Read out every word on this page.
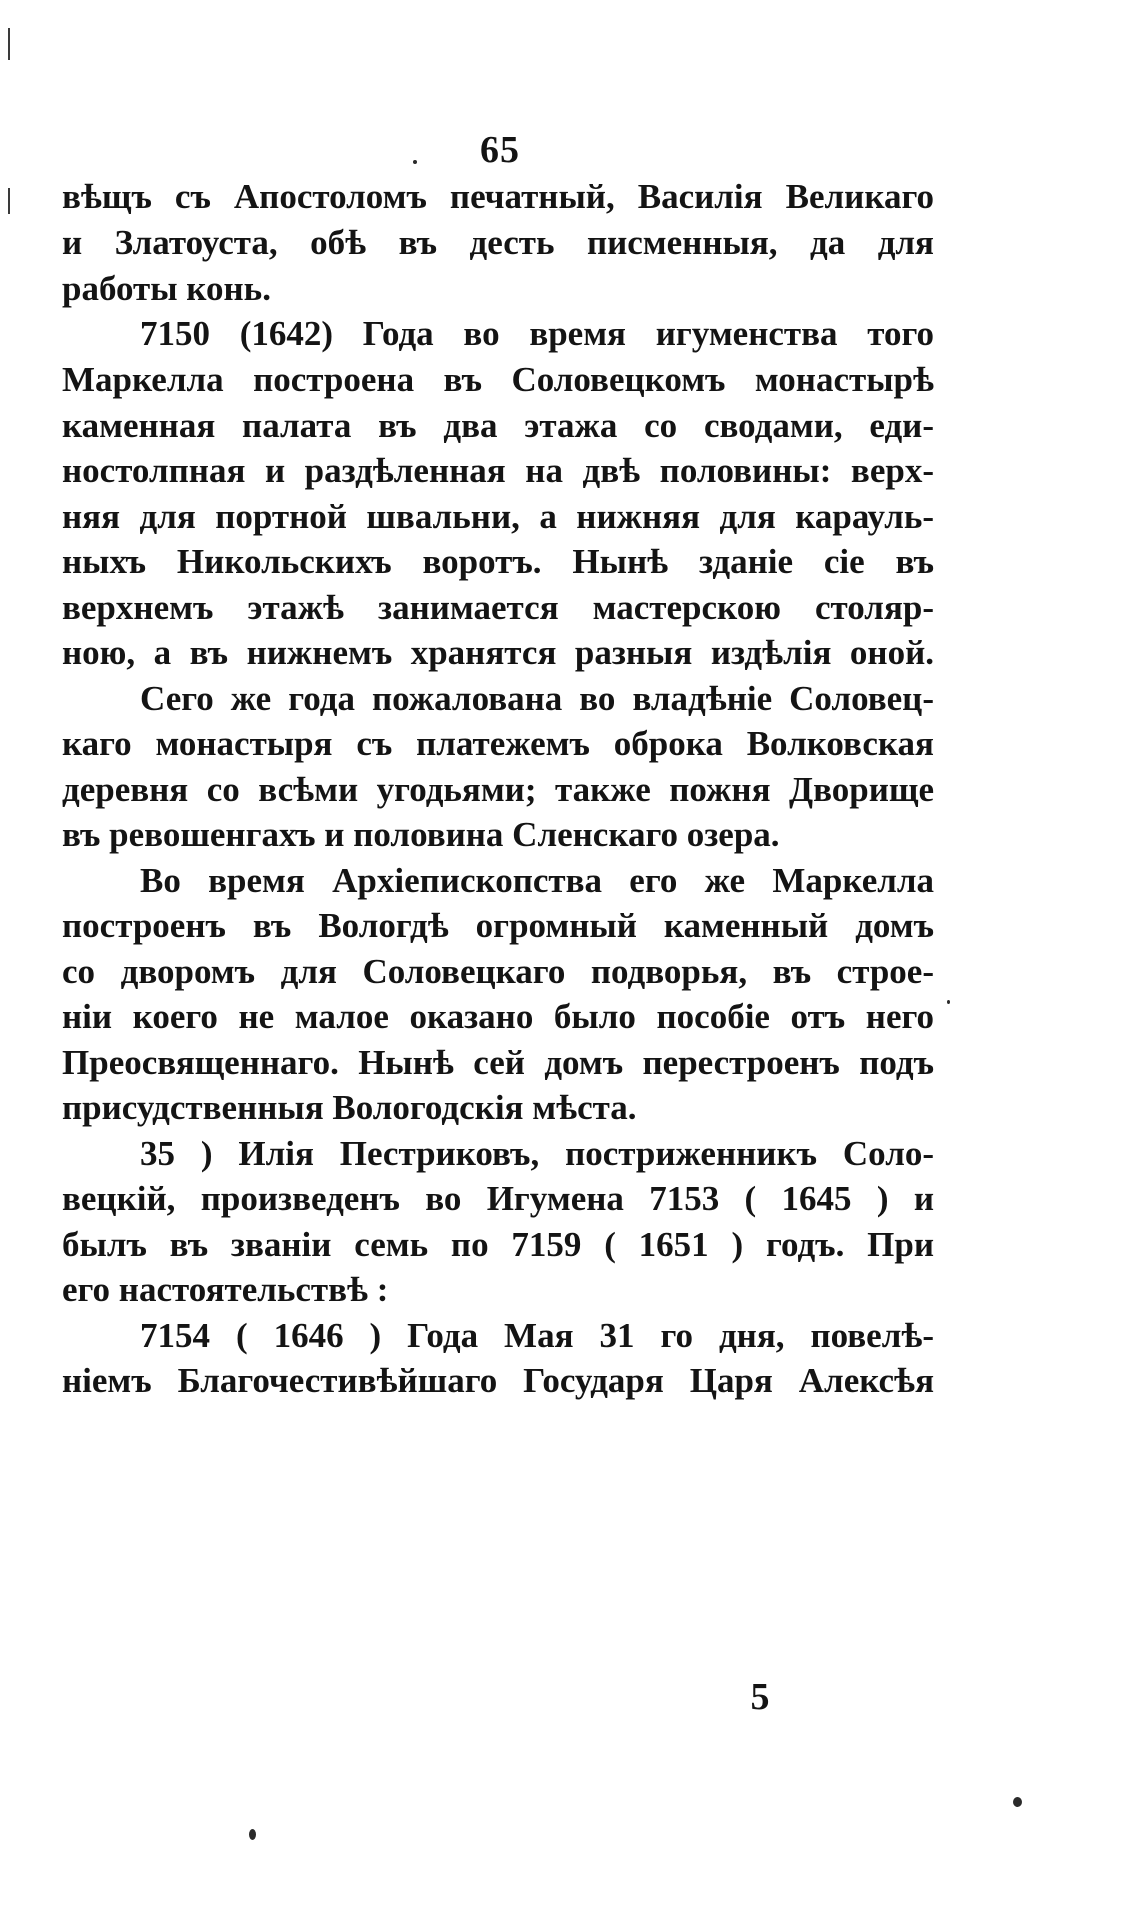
65
вѣщъ съ Апостоломъ печатный, Василія Великаго
и Златоуста, обѣ въ десть писменныя, да для
работы конь.
7150 (1642) Года во время игуменства того
Маркелла построена въ Соловецкомъ монастырѣ
каменная палата въ два этажа со сводами, еди-
ностолпная и раздѣленная на двѣ половины: верх-
няя для портной швальни, а нижняя для карауль-
ныхъ Никольскихъ воротъ. Нынѣ зданіе сіе въ
верхнемъ этажѣ занимается мастерскою столяр-
ною, а въ нижнемъ хранятся разныя издѣлія оной.
Сего же года пожалована во владѣніе Соловец-
каго монастыря съ платежемъ оброка Волковская
деревня со всѣми угодьями; также пожня Дворище
въ ревошенгахъ и половина Сленскаго озера.
Во время Архіепископства его же Маркелла
построенъ въ Вологдѣ огромный каменный домъ
со дворомъ для Соловецкаго подворья, въ строе-
ніи коего не малое оказано было пособіе отъ него
Преосвященнаго. Нынѣ сей домъ перестроенъ подъ
присудственныя Вологодскія мѣста.
35 ) Илія Пестриковъ, постриженникъ Соло-
вецкій, произведенъ во Игумена 7153 ( 1645 ) и
былъ въ званіи семь по 7159 ( 1651 ) годъ. При
его настоятельствѣ :
7154 ( 1646 ) Года Мая 31 го дня, повелѣ-
ніемъ Благочестивѣйшаго Государя Царя Алексѣя
5
